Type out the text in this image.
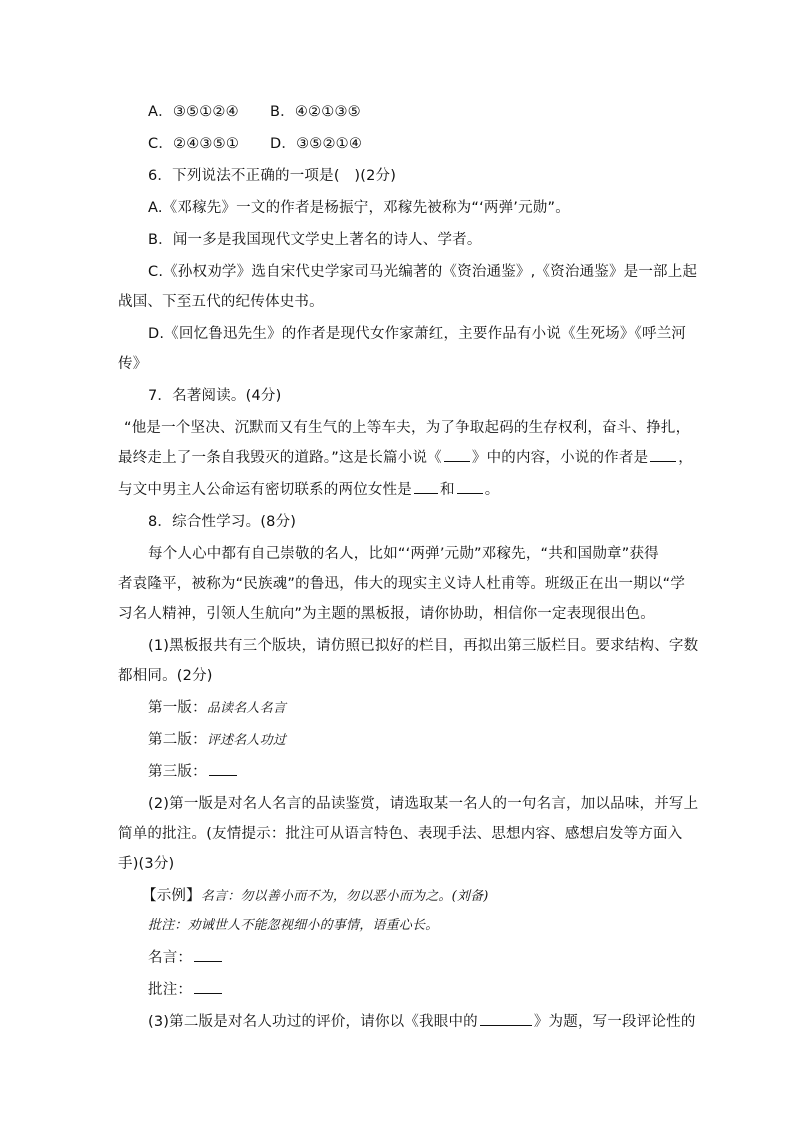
A．③⑤①②④ B．④②①③⑤

C．②④③⑤① D．③⑤②①④

6．下列说法不正确的一项是(　)(2分)

A.《邓稼先》一文的作者是杨振宁，邓稼先被称为“‘两弹’元勋”。

B．闻一多是我国现代文学史上著名的诗人、学者。

C.《孙权劝学》选自宋代史学家司马光编著的《资治通鉴》,《资治通鉴》是一部上起

战国、下至五代的纪传体史书。

D.《回忆鲁迅先生》的作者是现代女作家萧红，主要作品有小说《生死场》《呼兰河

传》

7．名著阅读。(4分)

“他是一个坚决、沉默而又有生气的上等车夫，为了争取起码的生存权利，奋斗、挣扎，

最终走上了一条自我毁灭的道路。”这是长篇小说《 》中的内容，小说的作者是 ，

与文中男主人公命运有密切联系的两位女性是 和 。

8．综合性学习。(8分)

每个人心中都有自己崇敬的名人，比如“‘两弹’元勋”邓稼先，“共和国勋章”获得

者袁隆平，被称为“民族魂”的鲁迅，伟大的现实主义诗人杜甫等。班级正在出一期以“学

习名人精神，引领人生航向”为主题的黑板报，请你协助，相信你一定表现很出色。

(1)黑板报共有三个版块，请仿照已拟好的栏目，再拟出第三版栏目。要求结构、字数

都相同。(2分)

第一版：品读名人名言

第二版：评述名人功过

第三版：

(2)第一版是对名人名言的品读鉴赏，请选取某一名人的一句名言，加以品味，并写上

简单的批注。(友情提示：批注可从语言特色、表现手法、思想内容、感想启发等方面入

手)(3分)

【示例】名言：勿以善小而不为，勿以恶小而为之。(刘备)

批注：劝诫世人不能忽视细小的事情，语重心长。

名言：

批注：

(3)第二版是对名人功过的评价，请你以《我眼中的	》为题，写一段评论性的
